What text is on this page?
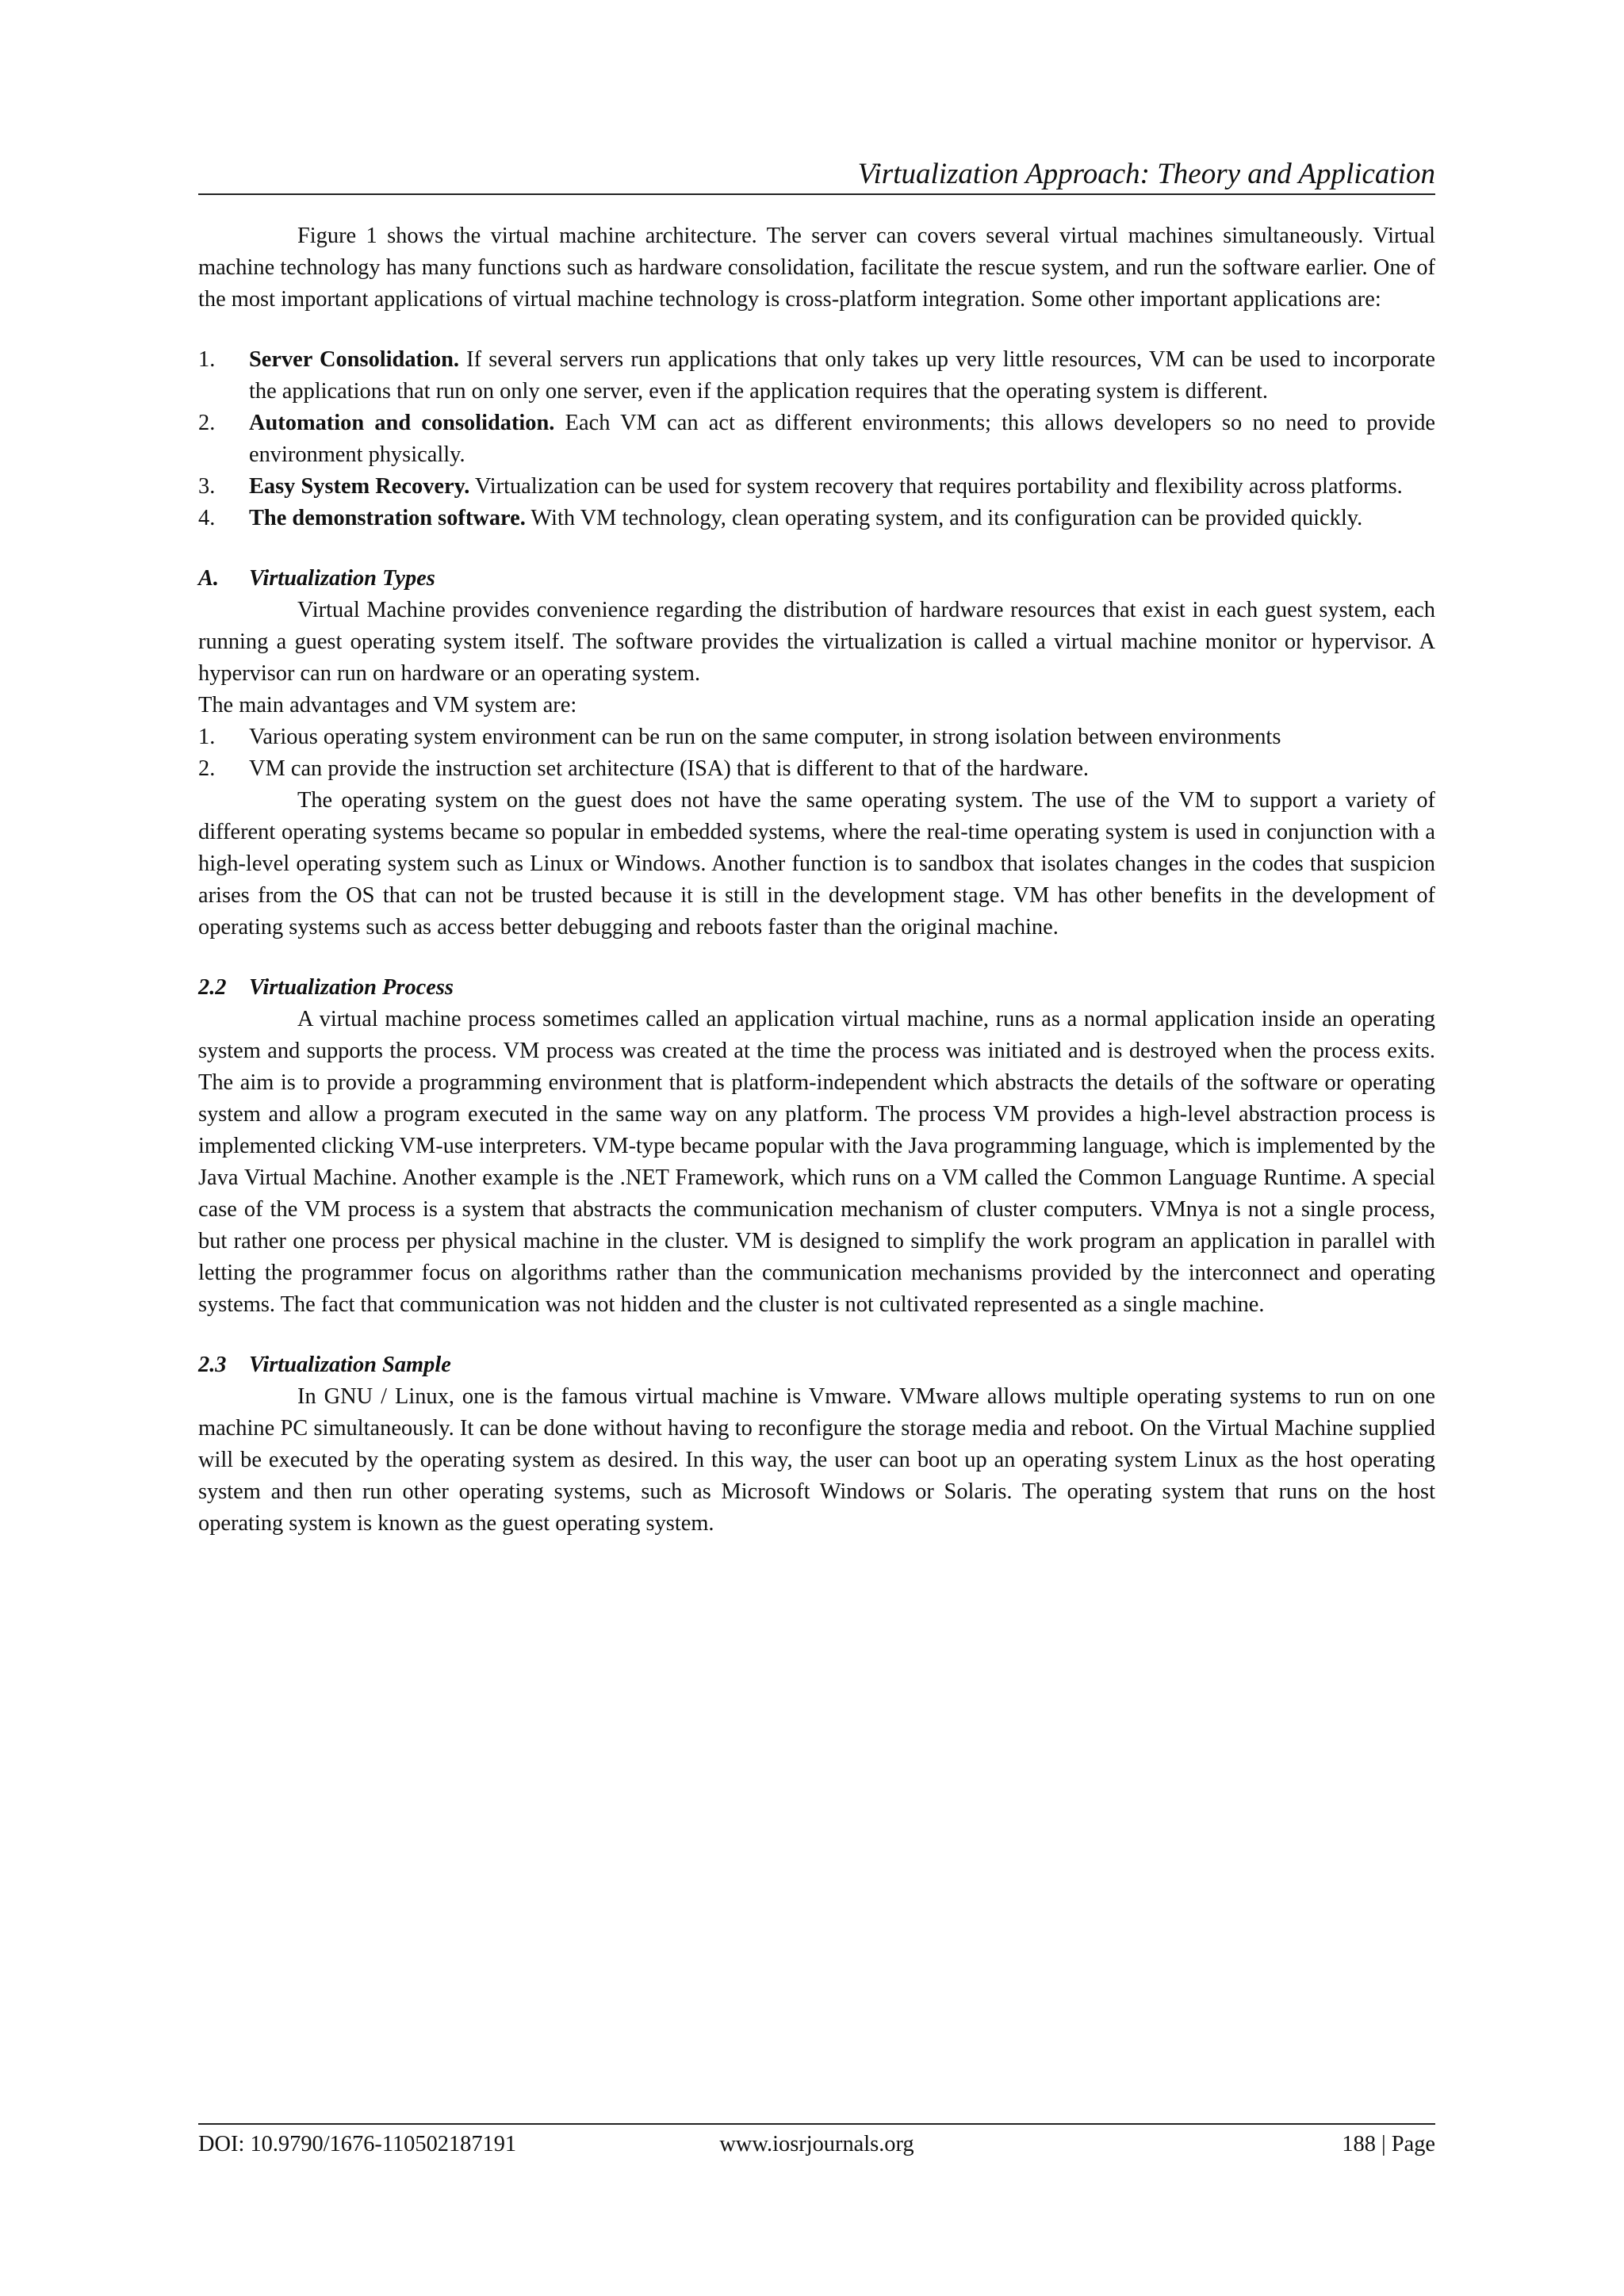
Virtualization Approach: Theory and Application

Figure 1 shows the virtual machine architecture. The server can covers several virtual machines simultaneously. Virtual machine technology has many functions such as hardware consolidation, facilitate the rescue system, and run the software earlier. One of the most important applications of virtual machine technology is cross-platform integration. Some other important applications are:

1. Server Consolidation. If several servers run applications that only takes up very little resources, VM can be used to incorporate the applications that run on only one server, even if the application requires that the operating system is different.
2. Automation and consolidation. Each VM can act as different environments; this allows developers so no need to provide environment physically.
3. Easy System Recovery. Virtualization can be used for system recovery that requires portability and flexibility across platforms.
4. The demonstration software. With VM technology, clean operating system, and its configuration can be provided quickly.

A. Virtualization Types

Virtual Machine provides convenience regarding the distribution of hardware resources that exist in each guest system, each running a guest operating system itself. The software provides the virtualization is called a virtual machine monitor or hypervisor. A hypervisor can run on hardware or an operating system.

The main advantages and VM system are:

1. Various operating system environment can be run on the same computer, in strong isolation between environments
2. VM can provide the instruction set architecture (ISA) that is different to that of the hardware.

The operating system on the guest does not have the same operating system. The use of the VM to support a variety of different operating systems became so popular in embedded systems, where the real-time operating system is used in conjunction with a high-level operating system such as Linux or Windows. Another function is to sandbox that isolates changes in the codes that suspicion arises from the OS that can not be trusted because it is still in the development stage. VM has other benefits in the development of operating systems such as access better debugging and reboots faster than the original machine.

2.2 Virtualization Process

A virtual machine process sometimes called an application virtual machine, runs as a normal application inside an operating system and supports the process. VM process was created at the time the process was initiated and is destroyed when the process exits. The aim is to provide a programming environment that is platform-independent which abstracts the details of the software or operating system and allow a program executed in the same way on any platform. The process VM provides a high-level abstraction process is implemented clicking VM-use interpreters. VM-type became popular with the Java programming language, which is implemented by the Java Virtual Machine. Another example is the .NET Framework, which runs on a VM called the Common Language Runtime. A special case of the VM process is a system that abstracts the communication mechanism of cluster computers. VMnya is not a single process, but rather one process per physical machine in the cluster. VM is designed to simplify the work program an application in parallel with letting the programmer focus on algorithms rather than the communication mechanisms provided by the interconnect and operating systems. The fact that communication was not hidden and the cluster is not cultivated represented as a single machine.

2.3 Virtualization Sample

In GNU / Linux, one is the famous virtual machine is Vmware. VMware allows multiple operating systems to run on one machine PC simultaneously. It can be done without having to reconfigure the storage media and reboot. On the Virtual Machine supplied will be executed by the operating system as desired. In this way, the user can boot up an operating system Linux as the host operating system and then run other operating systems, such as Microsoft Windows or Solaris. The operating system that runs on the host operating system is known as the guest operating system.

DOI: 10.9790/1676-110502187191	www.iosrjournals.org	188 | Page
